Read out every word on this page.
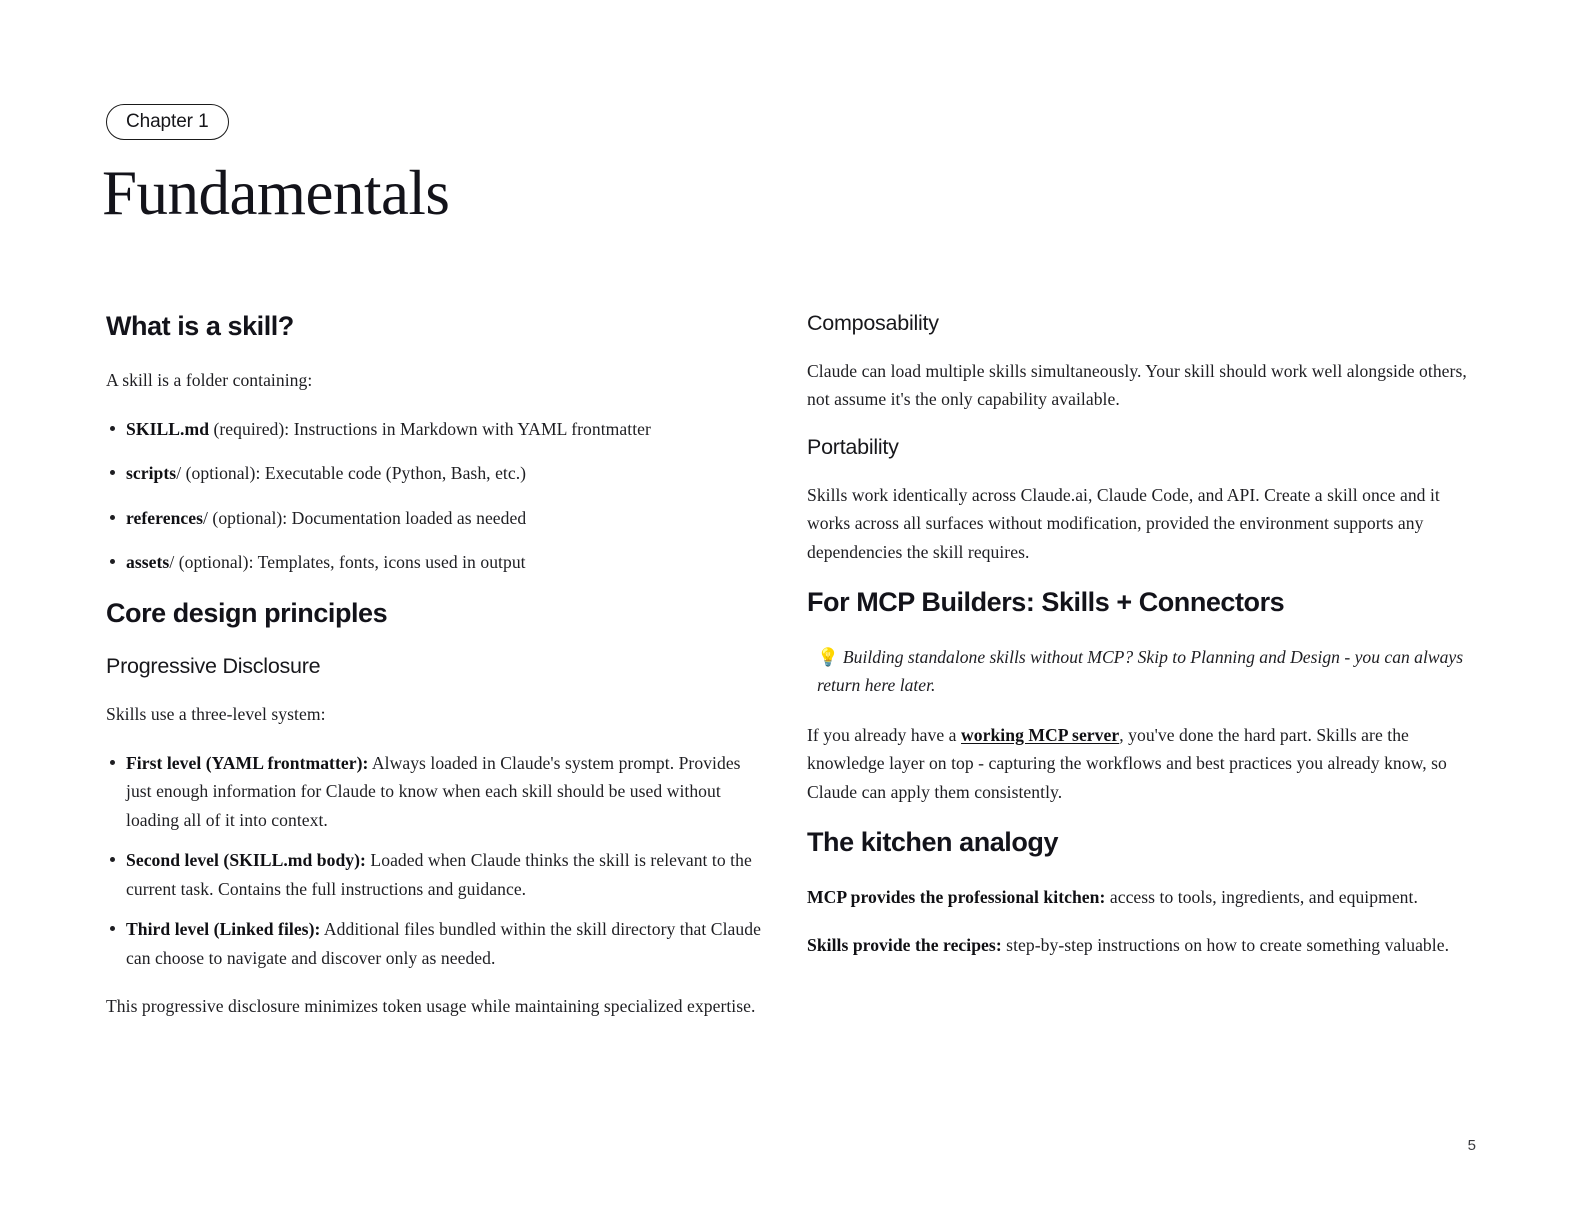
Chapter 1
Fundamentals
What is a skill?

A skill is a folder containing:

SKILL.md (required): Instructions in Markdown with YAML frontmatter
scripts/ (optional): Executable code (Python, Bash, etc.)
references/ (optional): Documentation loaded as needed
assets/ (optional): Templates, fonts, icons used in output
Core design principles
Progressive Disclosure

Skills use a three-level system:

First level (YAML frontmatter): Always loaded in Claude's system prompt. Provides just enough information for Claude to know when each skill should be used without loading all of it into context.
Second level (SKILL.md body): Loaded when Claude thinks the skill is relevant to the current task. Contains the full instructions and guidance.
Third level (Linked files): Additional files bundled within the skill directory that Claude can choose to navigate and discover only as needed.

This progressive disclosure minimizes token usage while maintaining specialized expertise.

Composability

Claude can load multiple skills simultaneously. Your skill should work well alongside others, not assume it's the only capability available.

Portability

Skills work identically across Claude.ai, Claude Code, and API. Create a skill once and it works across all surfaces without modification, provided the environment supports any dependencies the skill requires.

For MCP Builders: Skills + Connectors
💡 Building standalone skills without MCP? Skip to Planning and Design - you can always return here later.

If you already have a working MCP server, you've done the hard part. Skills are the knowledge layer on top - capturing the workflows and best practices you already know, so Claude can apply them consistently.

The kitchen analogy

MCP provides the professional kitchen: access to tools, ingredients, and equipment.

Skills provide the recipes: step-by-step instructions on how to create something valuable.

5
